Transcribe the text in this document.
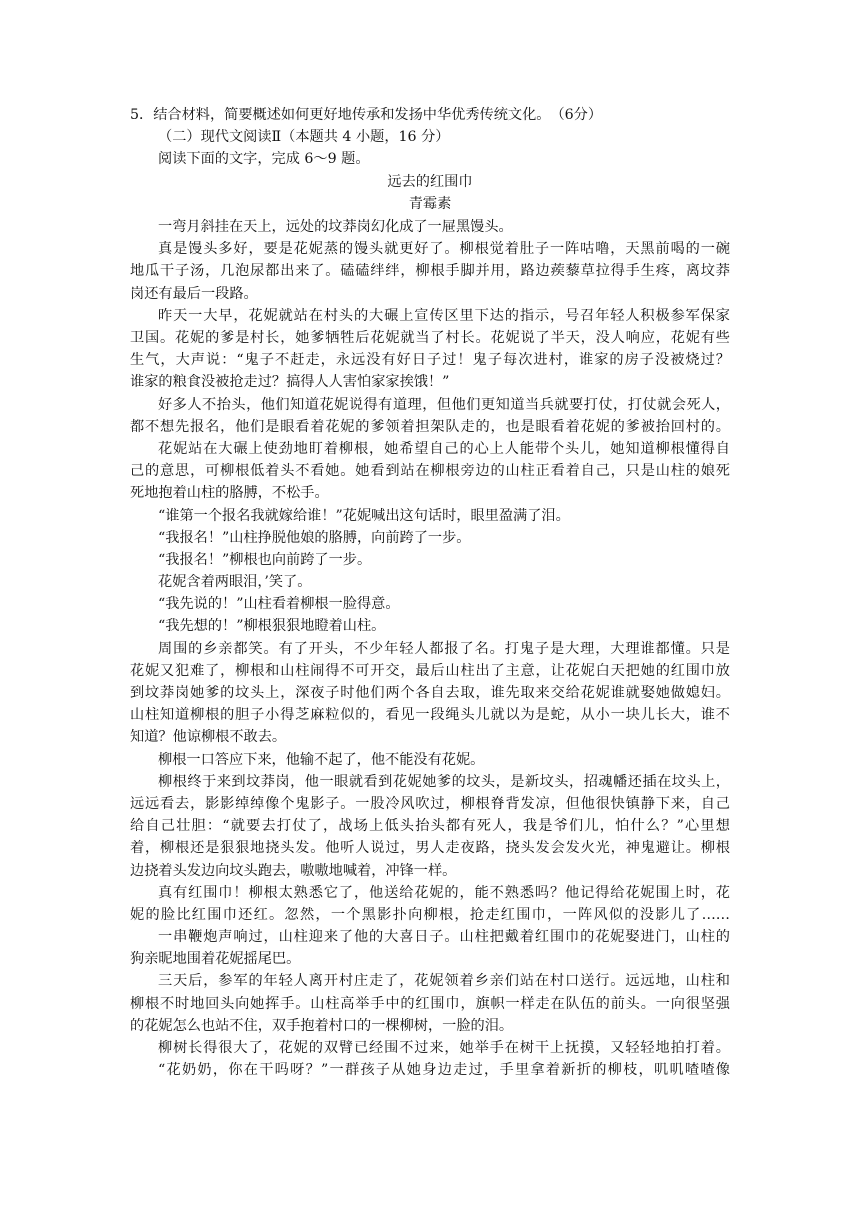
5．结合材料，简要概述如何更好地传承和发扬中华优秀传统文化。　（6分）
（二）现代文阅读Ⅱ（本题共 4 小题，16 分）
阅读下面的文字，完成 6～9 题。
远去的红围巾
青霉素
一弯月斜挂在天上，远处的坟莽岗幻化成了一屉黑馒头。
真是馒头多好，要是花妮蒸的馒头就更好了。柳根觉着肚子一阵咕噜，天黑前喝的一碗
地瓜干子汤，几泡尿都出来了。磕磕绊绊，柳根手脚并用，路边蒺藜草拉得手生疼，离坟莽
岗还有最后一段路。
昨天一大早，花妮就站在村头的大碾上宣传区里下达的指示，号召年轻人积极参军保家
卫国。花妮的爹是村长，她爹牺牲后花妮就当了村长。花妮说了半天，没人响应，花妮有些
生气，大声说：“鬼子不赶走，永远没有好日子过！鬼子每次进村，谁家的房子没被烧过？
谁家的粮食没被抢走过？搞得人人害怕家家挨饿！”
好多人不抬头，他们知道花妮说得有道理，但他们更知道当兵就要打仗，打仗就会死人，
都不想先报名，他们是眼看着花妮的爹领着担架队走的，也是眼看着花妮的爹被抬回村的。
花妮站在大碾上使劲地盯着柳根，她希望自己的心上人能带个头儿，她知道柳根懂得自
己的意思，可柳根低着头不看她。她看到站在柳根旁边的山柱正看着自己，只是山柱的娘死
死地抱着山柱的胳膊，不松手。
“谁第一个报名我就嫁给谁！”花妮喊出这句话时，眼里盈满了泪。
“我报名！”山柱挣脱他娘的胳膊，向前跨了一步。
“我报名！”柳根也向前跨了一步。
花妮含着两眼泪，’笑了。
“我先说的！”山柱看着柳根一脸得意。
“我先想的！”柳根狠狠地瞪着山柱。
周围的乡亲都笑。有了开头，不少年轻人都报了名。打鬼子是大理，大理谁都懂。只是
花妮又犯难了，柳根和山柱闹得不可开交，最后山柱出了主意，让花妮白天把她的红围巾放
到坟莽岗她爹的坟头上，深夜子时他们两个各自去取，谁先取来交给花妮谁就娶她做媳妇。
山柱知道柳根的胆子小得芝麻粒似的，看见一段绳头儿就以为是蛇，从小一块儿长大，谁不
知道？他谅柳根不敢去。
柳根一口答应下来，他输不起了，他不能没有花妮。
柳根终于来到坟莽岗，他一眼就看到花妮她爹的坟头，是新坟头，招魂幡还插在坟头上，
远远看去，影影绰绰像个鬼影子。一股冷风吹过，柳根脊背发凉，但他很快镇静下来，自己
给自己壮胆：“就要去打仗了，战场上低头抬头都有死人，我是爷们儿，怕什么？”心里想
着，柳根还是狠狠地挠头发。他听人说过，男人走夜路，挠头发会发火光，神鬼避让。柳根
边挠着头发边向坟头跑去，嗷嗷地喊着，冲锋一样。
真有红围巾！柳根太熟悉它了，他送给花妮的，能不熟悉吗？他记得给花妮围上时，花
妮的脸比红围巾还红。忽然，一个黑影扑向柳根，抢走红围巾，一阵风似的没影儿了……
一串鞭炮声响过，山柱迎来了他的大喜日子。山柱把戴着红围巾的花妮娶进门，山柱的
狗亲昵地围着花妮摇尾巴。
三天后，参军的年轻人离开村庄走了，花妮领着乡亲们站在村口送行。远远地，山柱和
柳根不时地回头向她挥手。山柱高举手中的红围巾，旗帜一样走在队伍的前头。一向很坚强
的花妮怎么也站不住，双手抱着村口的一棵柳树，一脸的泪。
柳树长得很大了，花妮的双臂已经围不过来，她举手在树干上抚摸，又轻轻地拍打着。
“花奶奶，你在干吗呀？”一群孩子从她身边走过，手里拿着新折的柳枝，叽叽喳喳像
